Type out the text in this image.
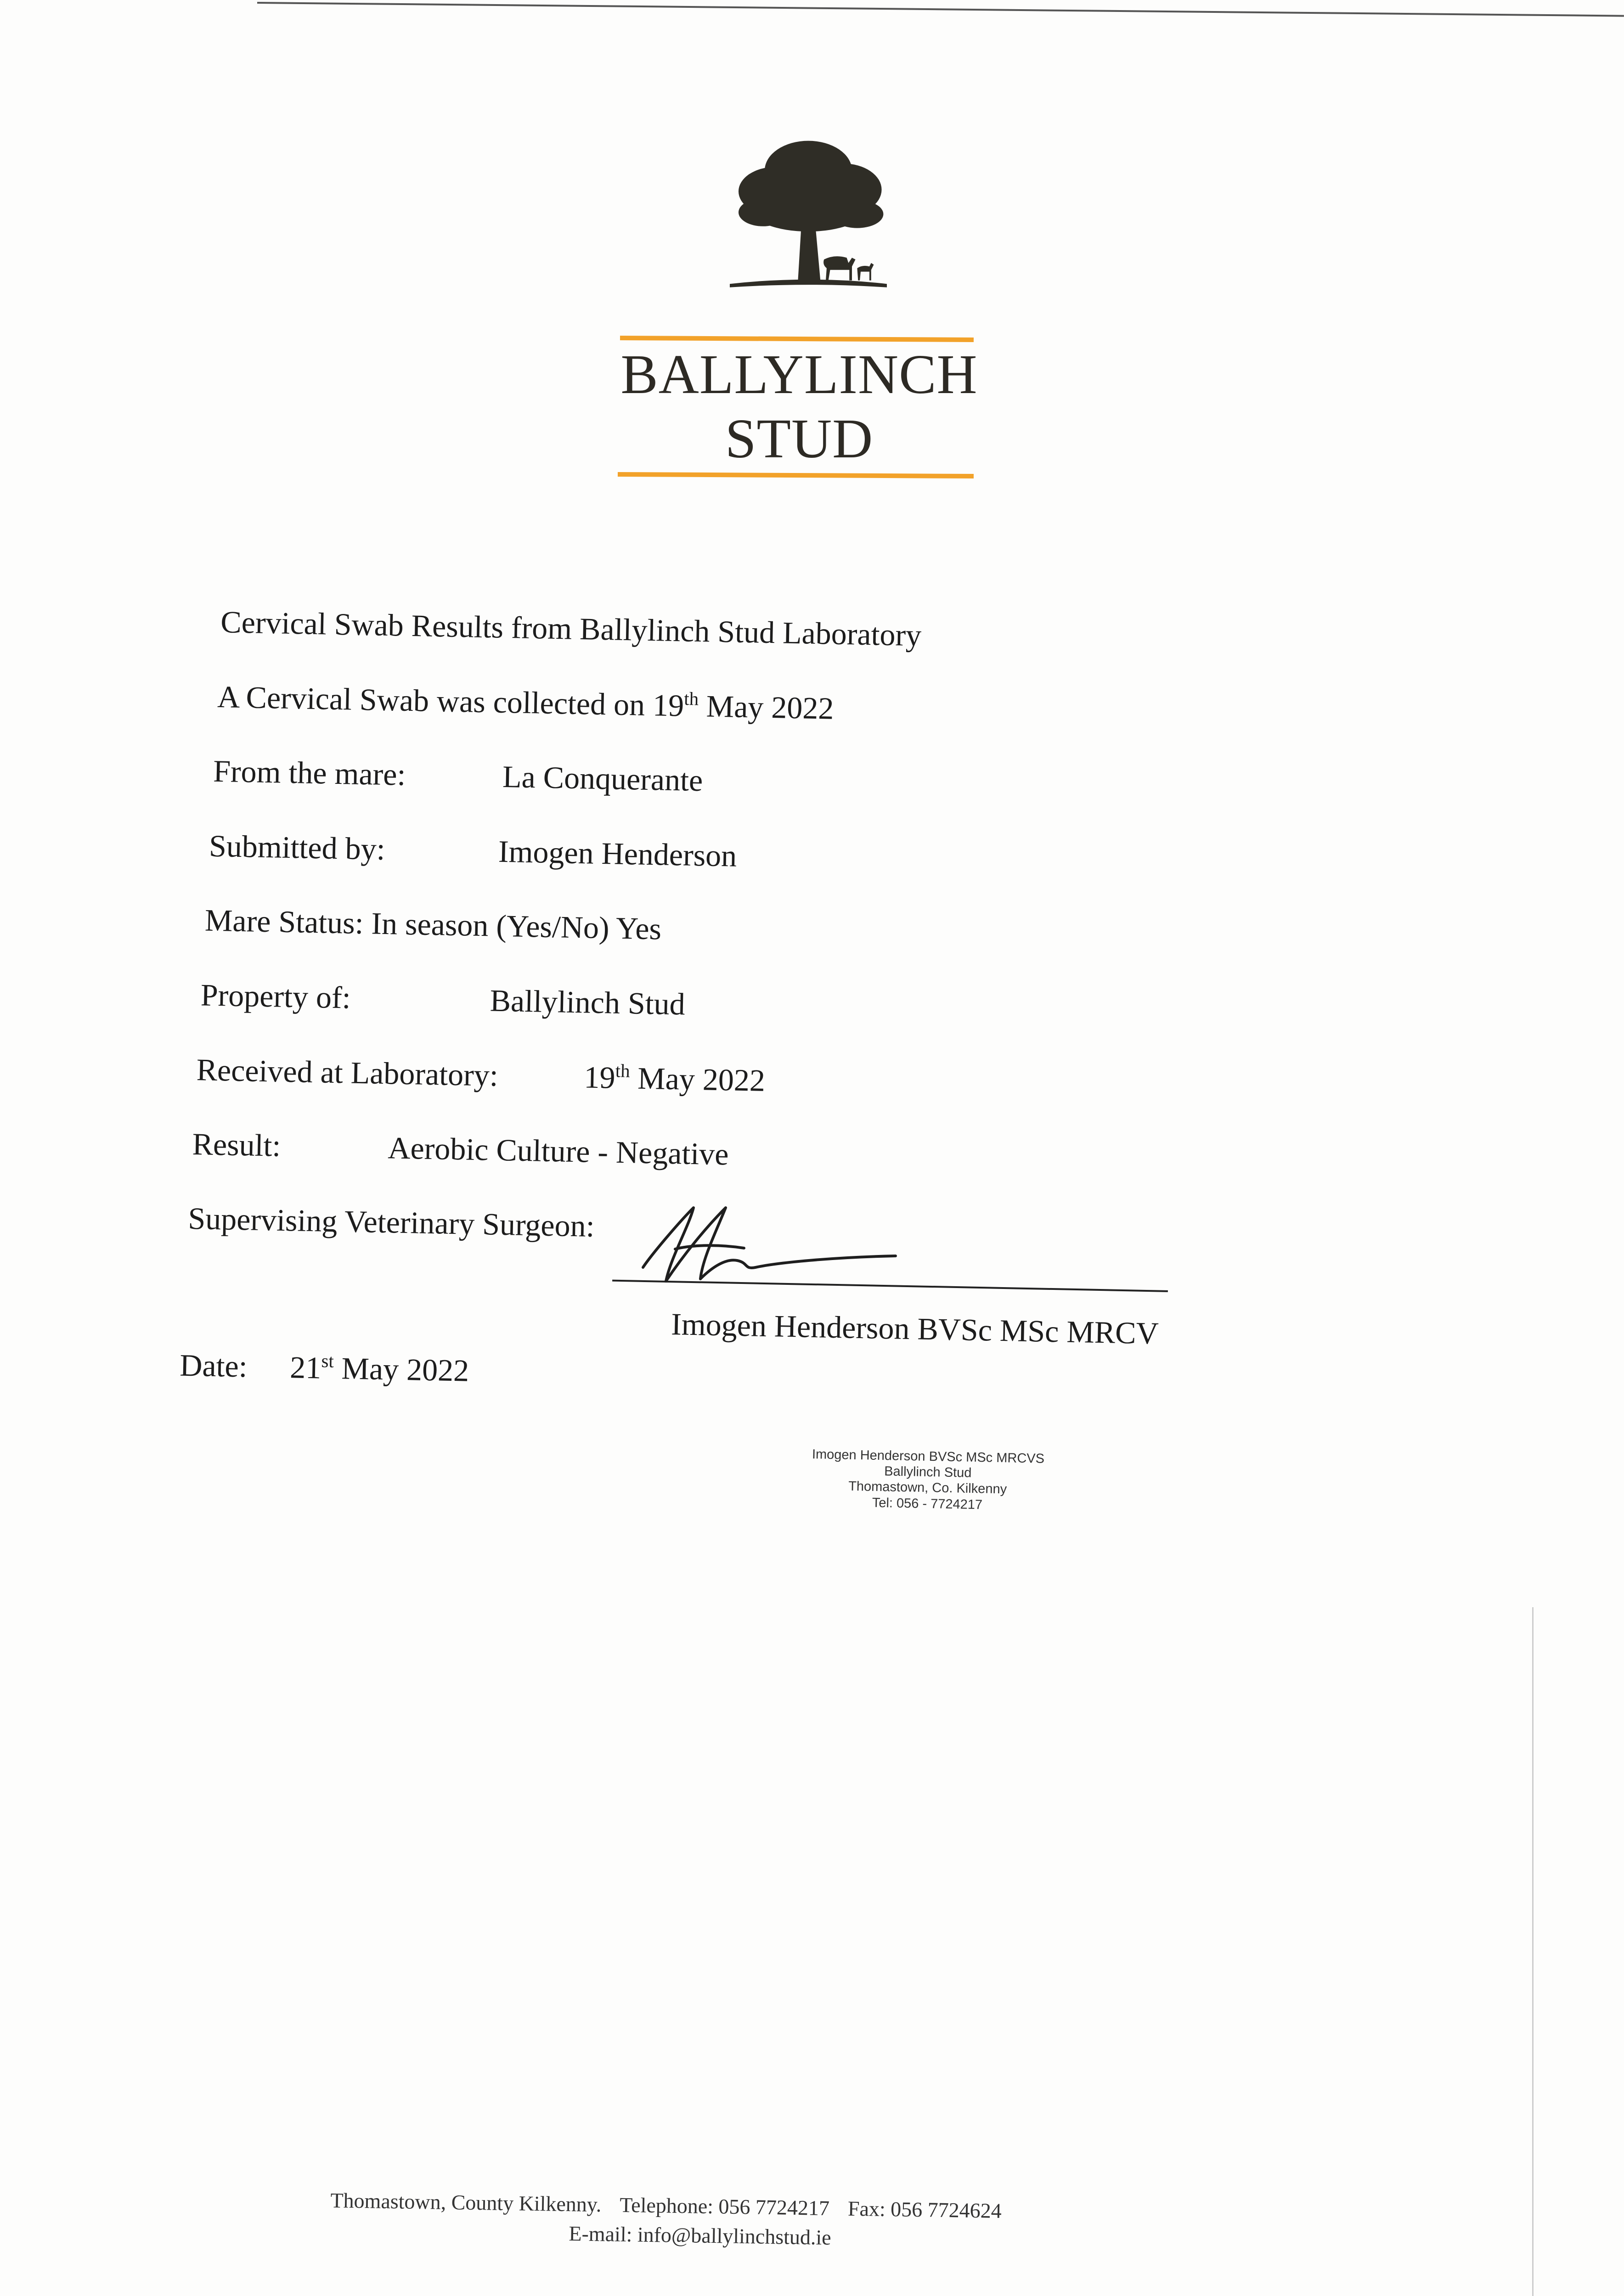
BALLYLINCH
STUD
Cervical Swab Results from Ballylinch Stud Laboratory
A Cervical Swab was collected on 19th May 2022
From the mare:	La Conquerante
Submitted by:	Imogen Henderson
Mare Status: In season (Yes/No) Yes
Property of:	Ballylinch Stud
Received at Laboratory:	19th May 2022
Result:	Aerobic Culture - Negative
Supervising Veterinary Surgeon:
Imogen Henderson BVSc MSc MRCV
Date: 21st May 2022
Imogen Henderson BVSc MSc MRCVS
Ballylinch Stud
Thomastown, Co. Kilkenny
Tel: 056 - 7724217
Thomastown, County Kilkenny. Telephone: 056 7724217 Fax: 056 7724624
E-mail: info@ballylinchstud.ie
